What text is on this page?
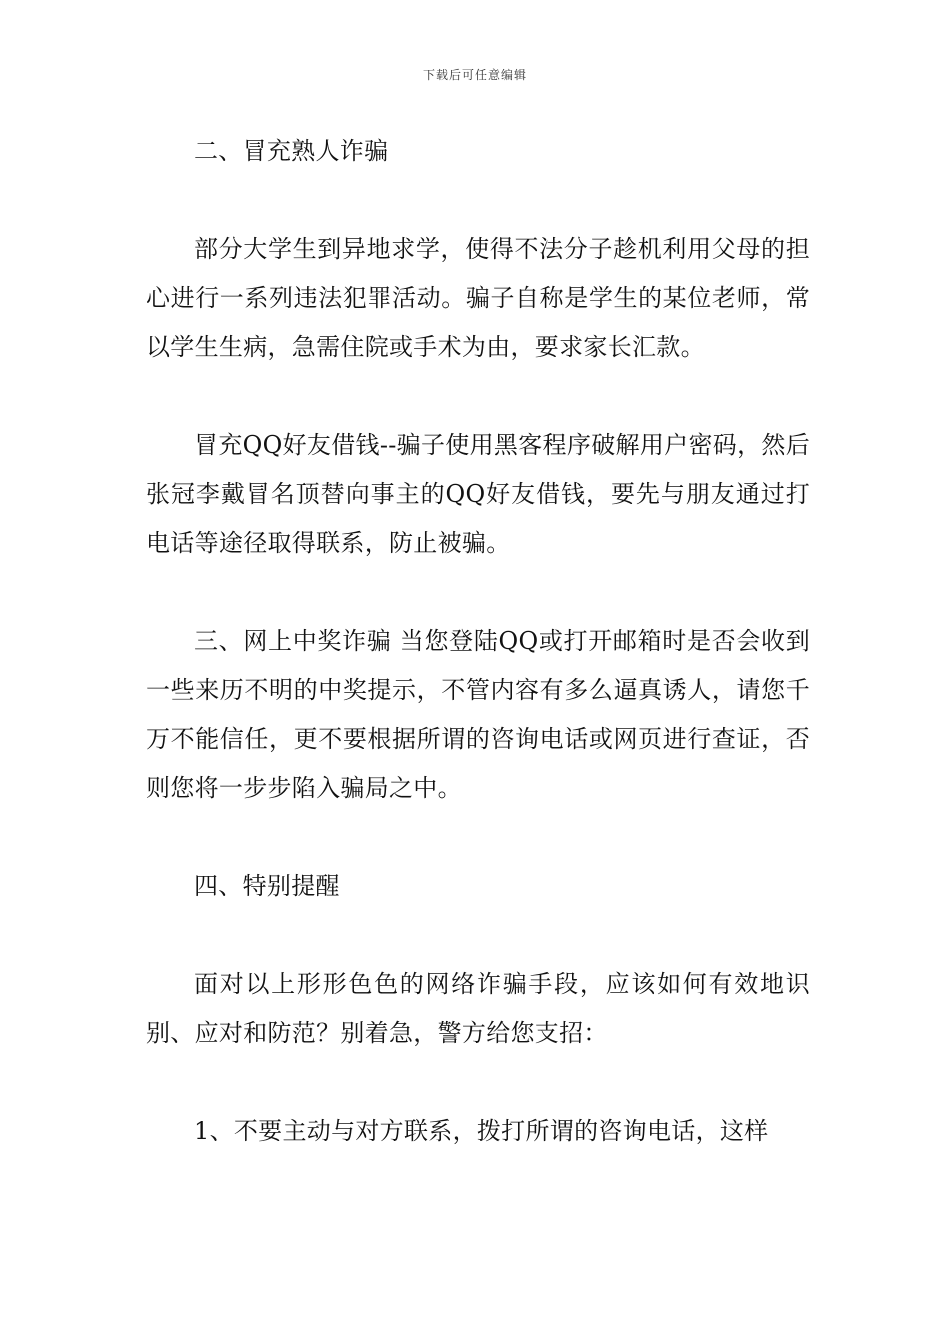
下载后可任意编辑

二、冒充熟人诈骗

部分大学生到异地求学，使得不法分子趁机利用父母的担心进行一系列违法犯罪活动。骗子自称是学生的某位老师，常以学生生病，急需住院或手术为由，要求家长汇款。

冒充QQ好友借钱--骗子使用黑客程序破解用户密码，然后张冠李戴冒名顶替向事主的QQ好友借钱，要先与朋友通过打电话等途径取得联系，防止被骗。

三、网上中奖诈骗 当您登陆QQ或打开邮箱时是否会收到一些来历不明的中奖提示，不管内容有多么逼真诱人，请您千万不能信任，更不要根据所谓的咨询电话或网页进行查证，否则您将一步步陷入骗局之中。

四、特别提醒

面对以上形形色色的网络诈骗手段，应该如何有效地识别、应对和防范？别着急，警方给您支招：

1、不要主动与对方联系，拨打所谓的咨询电话，这样
